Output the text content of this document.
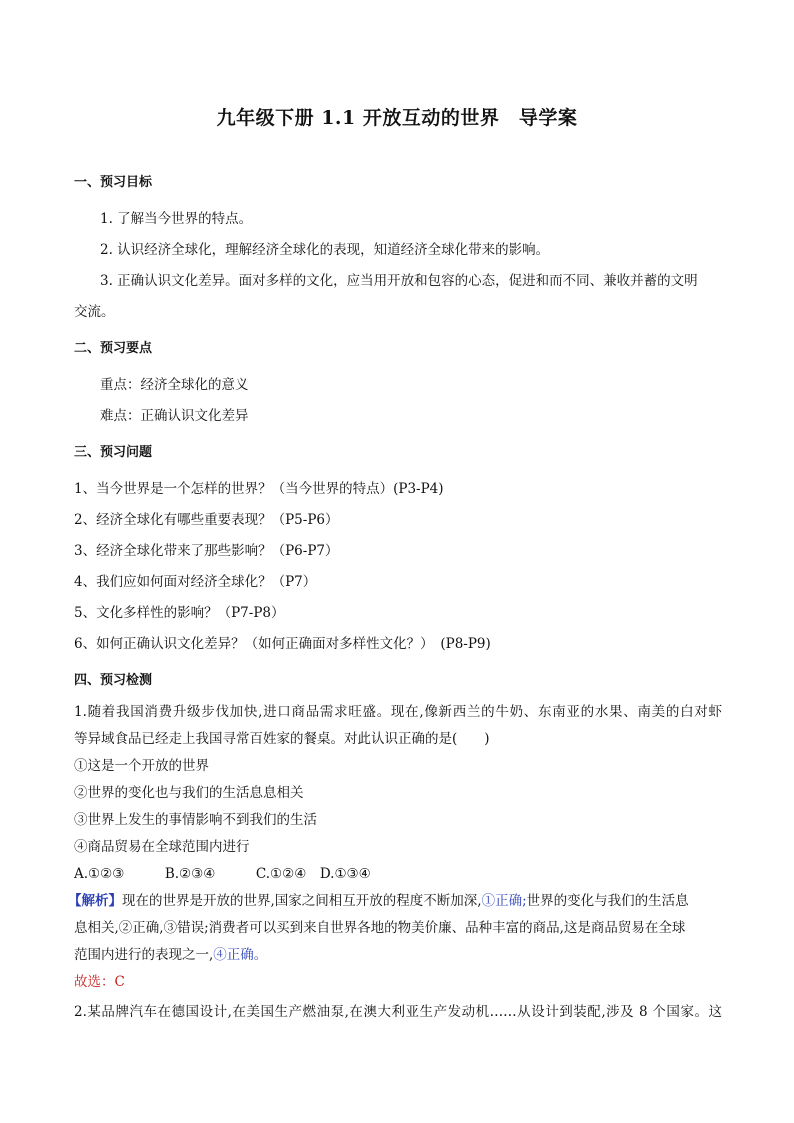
九年级下册 1.1 开放互动的世界　导学案
一、预习目标
1. 了解当今世界的特点。
2. 认识经济全球化，理解经济全球化的表现，知道经济全球化带来的影响。
3. 正确认识文化差异。面对多样的文化，应当用开放和包容的心态，促进和而不同、兼收并蓄的文明
交流。
二、预习要点
重点：经济全球化的意义
难点：正确认识文化差异
三、预习问题
1、当今世界是一个怎样的世界？（当今世界的特点）(P3-P4)
2、经济全球化有哪些重要表现？（P5-P6）
3、经济全球化带来了那些影响？（P6-P7）
4、我们应如何面对经济全球化？（P7）
5、文化多样性的影响？（P7-P8）
6、如何正确认识文化差异？（如何正确面对多样性文化？）　(P8-P9)
四、预习检测
1.随着我国消费升级步伐加快,进口商品需求旺盛。现在,像新西兰的牛奶、东南亚的水果、南美的白对虾
等异域食品已经走上我国寻常百姓家的餐桌。对此认识正确的是(　　)
①这是一个开放的世界
②世界的变化也与我们的生活息息相关
③世界上发生的事情影响不到我们的生活
④商品贸易在全球范围内进行
A.①②③　　　B.②③④　　　C.①②④　D.①③④
【解析】现在的世界是开放的世界,国家之间相互开放的程度不断加深,①正确;世界的变化与我们的生活息
息相关,②正确,③错误;消费者可以买到来自世界各地的物美价廉、品种丰富的商品,这是商品贸易在全球
范围内进行的表现之一,④正确。
故选：C
2.某品牌汽车在德国设计,在美国生产燃油泵,在澳大利亚生产发动机……从设计到装配,涉及 8 个国家。这
